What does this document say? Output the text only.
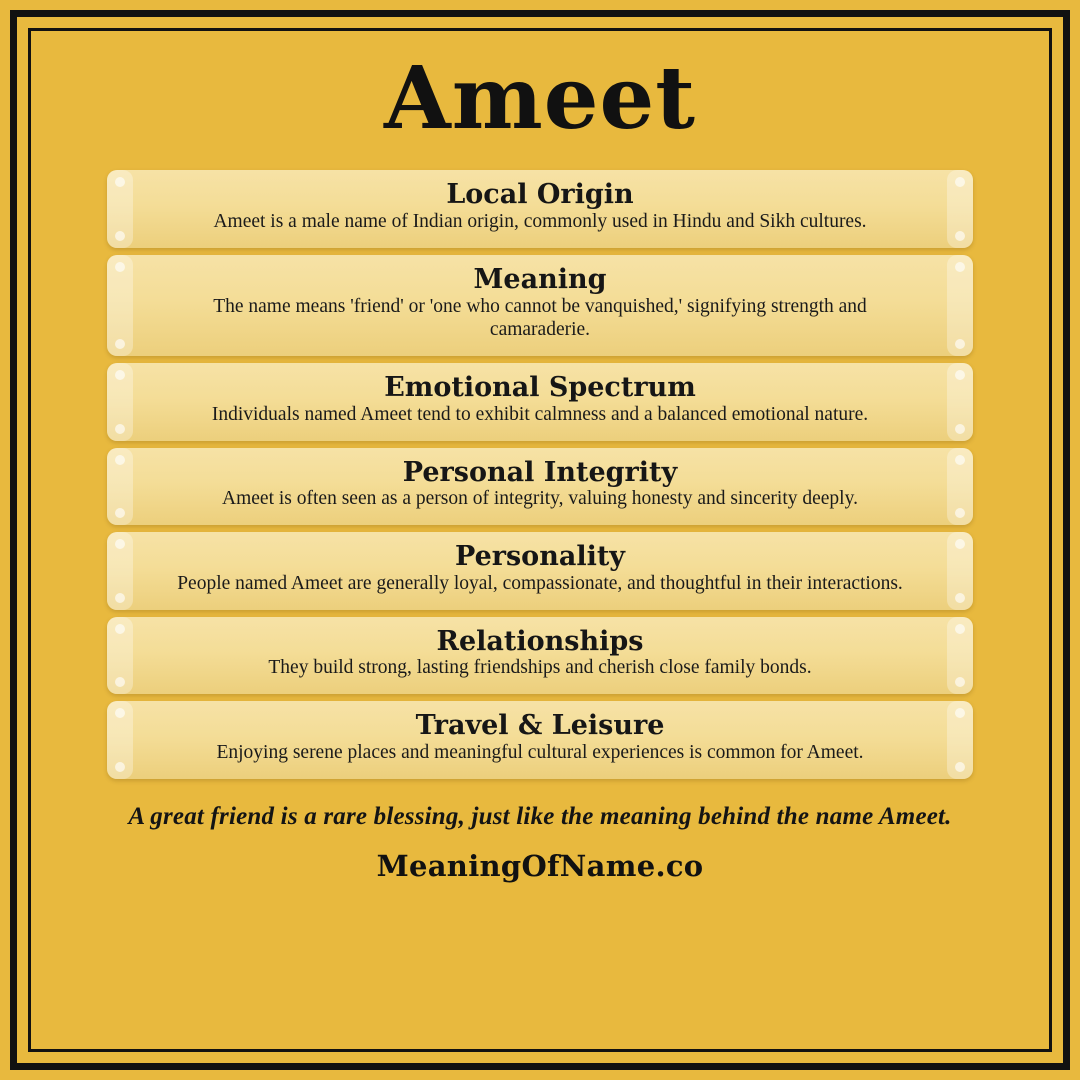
Ameet
Local Origin
Ameet is a male name of Indian origin, commonly used in Hindu and Sikh cultures.
Meaning
The name means 'friend' or 'one who cannot be vanquished,' signifying strength and camaraderie.
Emotional Spectrum
Individuals named Ameet tend to exhibit calmness and a balanced emotional nature.
Personal Integrity
Ameet is often seen as a person of integrity, valuing honesty and sincerity deeply.
Personality
People named Ameet are generally loyal, compassionate, and thoughtful in their interactions.
Relationships
They build strong, lasting friendships and cherish close family bonds.
Travel & Leisure
Enjoying serene places and meaningful cultural experiences is common for Ameet.
A great friend is a rare blessing, just like the meaning behind the name Ameet.
MeaningOfName.co
